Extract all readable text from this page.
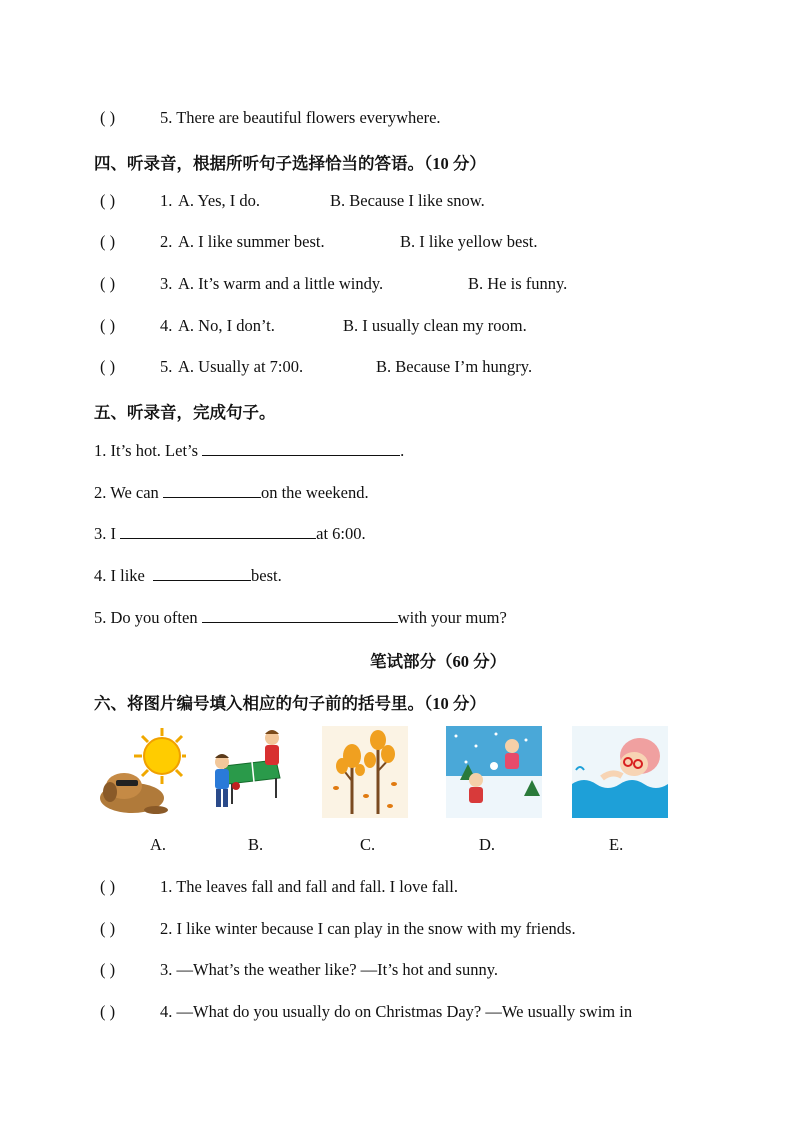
( )	5. There are beautiful flowers everywhere.
四、听录音，根据所听句子选择恰当的答语。（10 分）
( )	1. A. Yes, I do.	B. Because I like snow.
( )	2. A. I like summer best.	B. I like yellow best.
( )	3. A. It’s warm and a little windy.	B. He is funny.
( )	4. A. No, I don’t.	B. I usually clean my room.
( )	5. A. Usually at 7:00.	B. Because I’m hungry.
五、听录音，完成句子。
1. It’s hot. Let’s	.
2. We can	on the weekend.
3. I	at 6:00.
4. I like	best.
5. Do you often	with your mum?
笔试部分（60 分）
六、将图片编号填入相应的句子前的括号里。（10 分）
A.	B.	C.	D.	E.
( )	1. The leaves fall and fall and fall. I love fall.
( )	2. I like winter because I can play in the snow with my friends.
( )	3. —What’s the weather like? —It’s hot and sunny.
( )	4. —What do you usually do on Christmas Day? —We usually swim in
